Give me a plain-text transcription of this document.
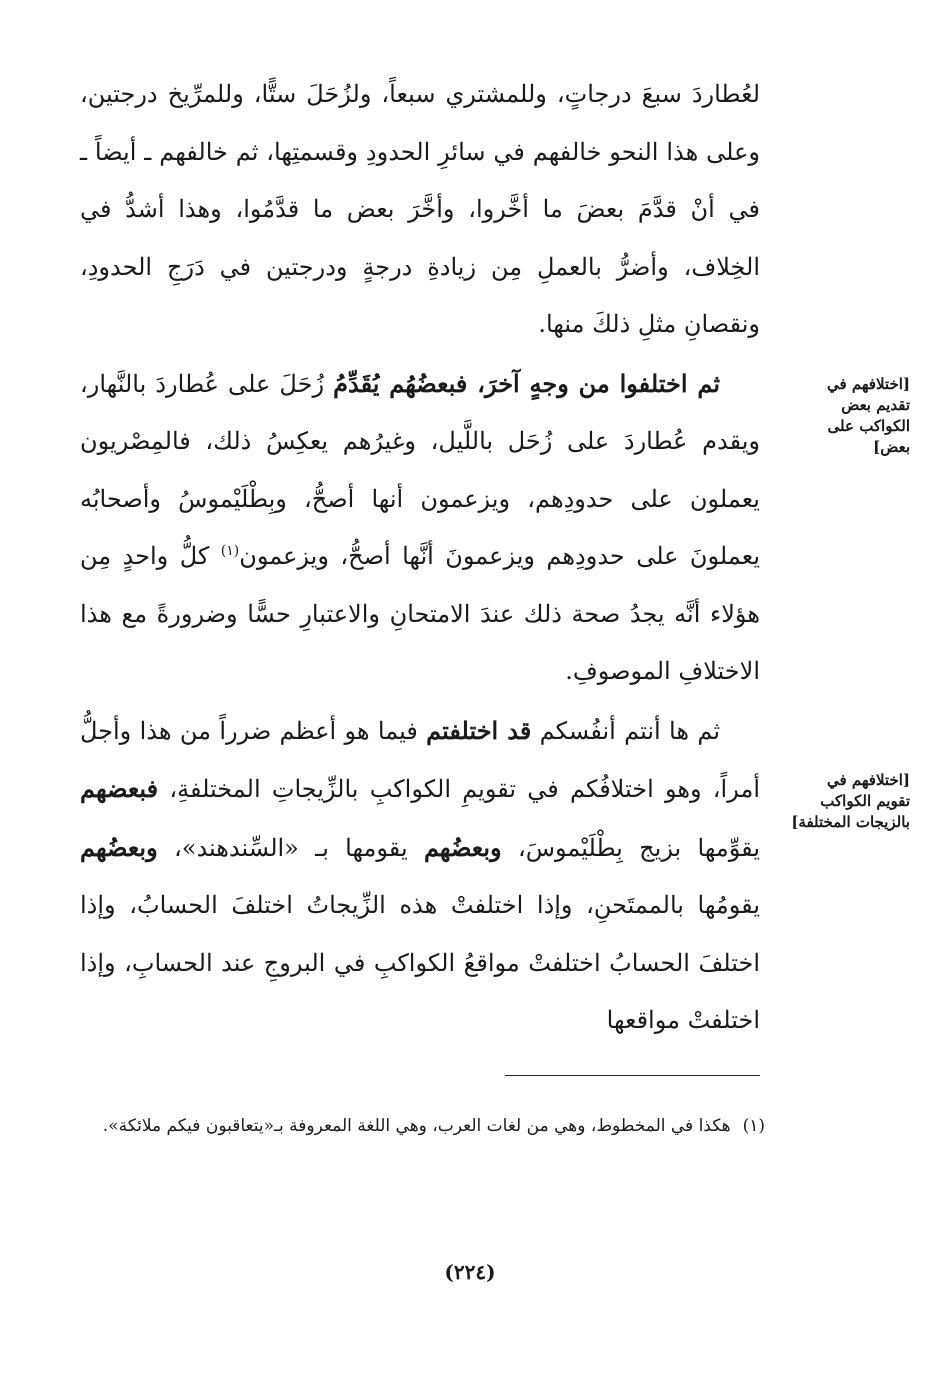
لعُطاردَ سبعَ درجاتٍ، وللمشتري سبعاً، ولزُحَلَ ستًّا، وللمرِّيخ درجتين، وعلى هذا النحو خالفهم في سائرِ الحدودِ وقسمتِها، ثم خالفهم ـ أيضاً ـ في أنْ قدَّمَ بعضَ ما أخَّروا، وأخَّرَ بعض ما قدَّمُوا، وهذا أشدُّ في الخِلاف، وأضرُّ بالعملِ مِن زيادةِ درجةٍ ودرجتين في دَرَجِ الحدودِ، ونقصانِ مثلِ ذلكَ منها.

ثم اختلفوا من وجهٍ آخرَ، فبعضُهُم يُقَدِّمُ زُحَلَ على عُطاردَ بالنَّهار، ويقدم عُطاردَ على زُحَل باللَّيل، وغيرُهم يعكِسُ ذلك، فالمِصْريون يعملون على حدودِهم، ويزعمون أنها أصحُّ، وبِطْلَيْموسُ وأصحابُه يعملونَ على حدودِهم ويزعمونَ أنَّها أصحُّ، ويزعمون$^{(١)}$ كلُّ واحدٍ مِن هؤلاء أنَّه يجدُ صحة ذلك عندَ الامتحانِ والاعتبارِ حسًّا وضرورةً مع هذا الاختلافِ الموصوفِ.

ثم ها أنتم أنفُسكم قد اختلفتم فيما هو أعظم ضرراً من هذا وأجلُّ أمراً، وهو اختلافُكم في تقويمِ الكواكبِ بالزِّيجاتِ المختلفةِ، فبعضهم يقوِّمها بزيج بِطْلَيْموسَ، وبعضُهم يقومها بـ «السِّندهند»، وبعضُهم يقومُها بالممتَحنِ، وإذا اختلفتْ هذه الزِّيجاتُ اختلفَ الحسابُ، وإذا اختلفَ الحسابُ اختلفتْ مواقعُ الكواكبِ في البروجِ عند الحسابِ، وإذا اختلفتْ مواقعها

[اختلافهم في تقديم بعض الكواكب على بعض]
[اختلافهم في تقويم الكواكب بالزيجات المختلفة]
(١)هكذا في المخطوط، وهي من لغات العرب، وهي اللغة المعروفة بـ«يتعاقبون فيكم ملائكة».
(٢٢٤)
